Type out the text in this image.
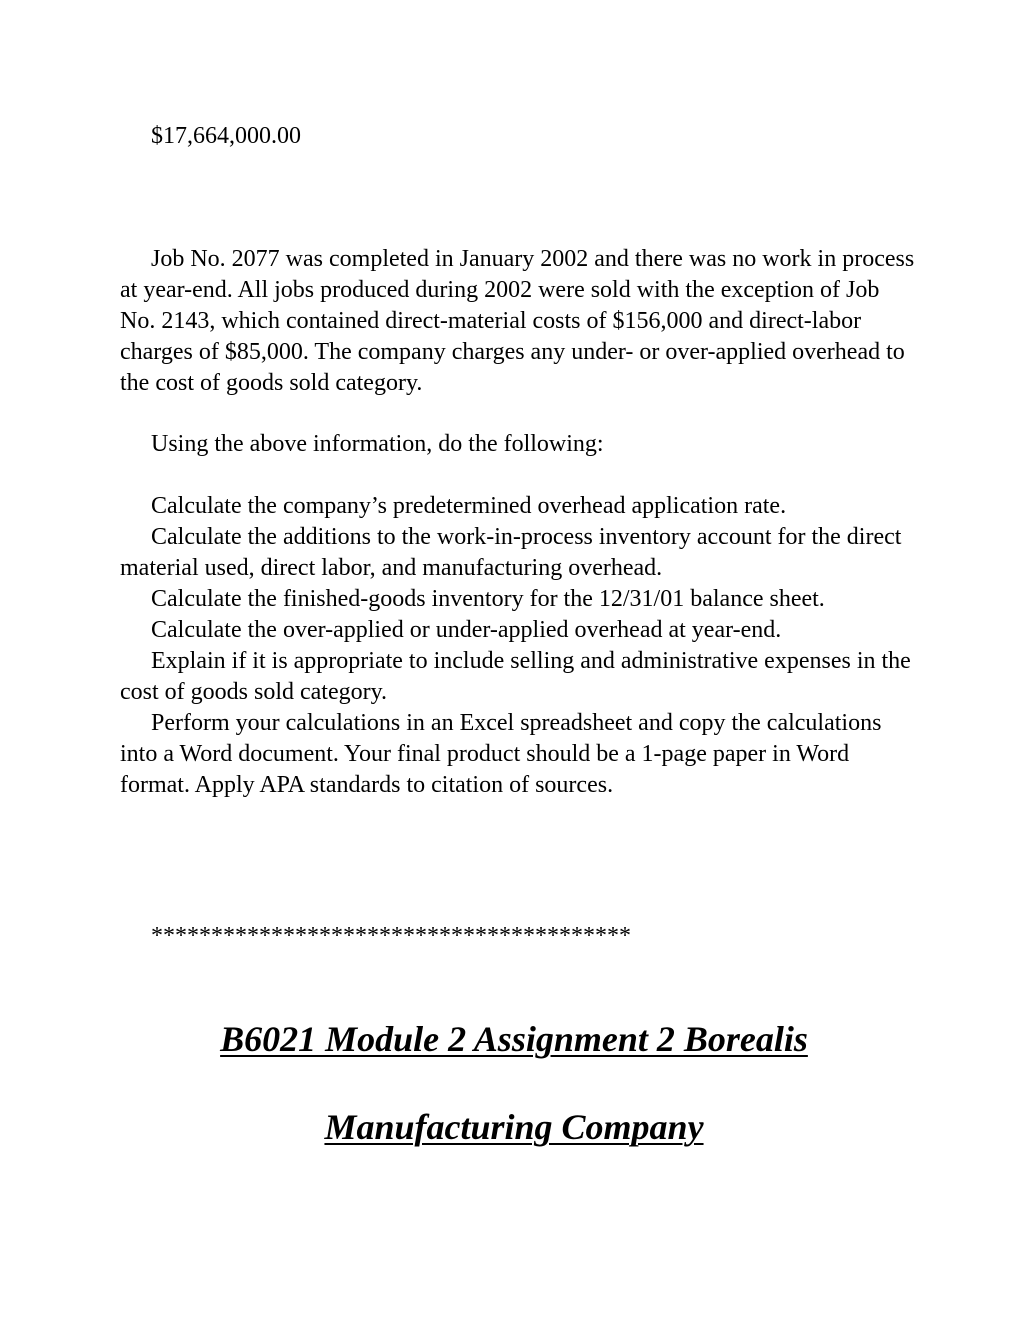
$17,664,000.00

Job No. 2077 was completed in January 2002 and there was no work in process at year-end. All jobs produced during 2002 were sold with the exception of Job No. 2143, which contained direct-material costs of $156,000 and direct-labor charges of $85,000. The company charges any under- or over-applied overhead to the cost of goods sold category.

Using the above information, do the following:

Calculate the company’s predetermined overhead application rate.

Calculate the additions to the work-in-process inventory account for the direct material used, direct labor, and manufacturing overhead.

Calculate the finished-goods inventory for the 12/31/01 balance sheet.

Calculate the over-applied or under-applied overhead at year-end.

Explain if it is appropriate to include selling and administrative expenses in the cost of goods sold category.

Perform your calculations in an Excel spreadsheet and copy the calculations into a Word document. Your final product should be a 1-page paper in Word format. Apply APA standards to citation of sources.

****************************************

B6021 Module 2 Assignment 2 Borealis

Manufacturing Company
